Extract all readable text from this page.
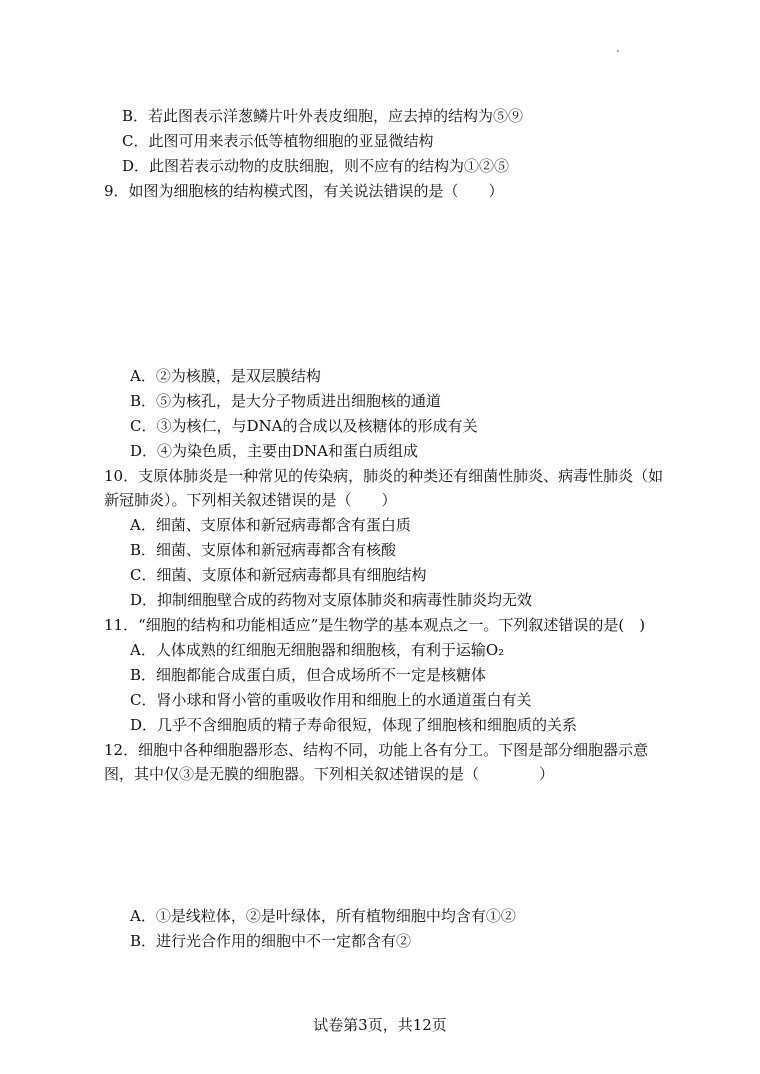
B．若此图表示洋葱鳞片叶外表皮细胞，应去掉的结构为⑤⑨
C．此图可用来表示低等植物细胞的亚显微结构
D．此图若表示动物的皮肤细胞，则不应有的结构为①②⑤
9．如图为细胞核的结构模式图，有关说法错误的是（　　）
A．②为核膜，是双层膜结构
B．⑤为核孔，是大分子物质进出细胞核的通道
C．③为核仁，与DNA的合成以及核糖体的形成有关
D．④为染色质，主要由DNA和蛋白质组成
10．支原体肺炎是一种常见的传染病，肺炎的种类还有细菌性肺炎、病毒性肺炎（如
新冠肺炎）。下列相关叙述错误的是（　　）
A．细菌、支原体和新冠病毒都含有蛋白质
B．细菌、支原体和新冠病毒都含有核酸
C．细菌、支原体和新冠病毒都具有细胞结构
D．抑制细胞壁合成的药物对支原体肺炎和病毒性肺炎均无效
11．“细胞的结构和功能相适应”是生物学的基本观点之一。下列叙述错误的是(　)
A．人体成熟的红细胞无细胞器和细胞核，有利于运输O₂
B．细胞都能合成蛋白质，但合成场所不一定是核糖体
C．肾小球和肾小管的重吸收作用和细胞上的水通道蛋白有关
D．几乎不含细胞质的精子寿命很短，体现了细胞核和细胞质的关系
12．细胞中各种细胞器形态、结构不同，功能上各有分工。下图是部分细胞器示意
图，其中仅③是无膜的细胞器。下列相关叙述错误的是（　　　　）
A．①是线粒体，②是叶绿体，所有植物细胞中均含有①②
B．进行光合作用的细胞中不一定都含有②
试卷第3页，共12页
